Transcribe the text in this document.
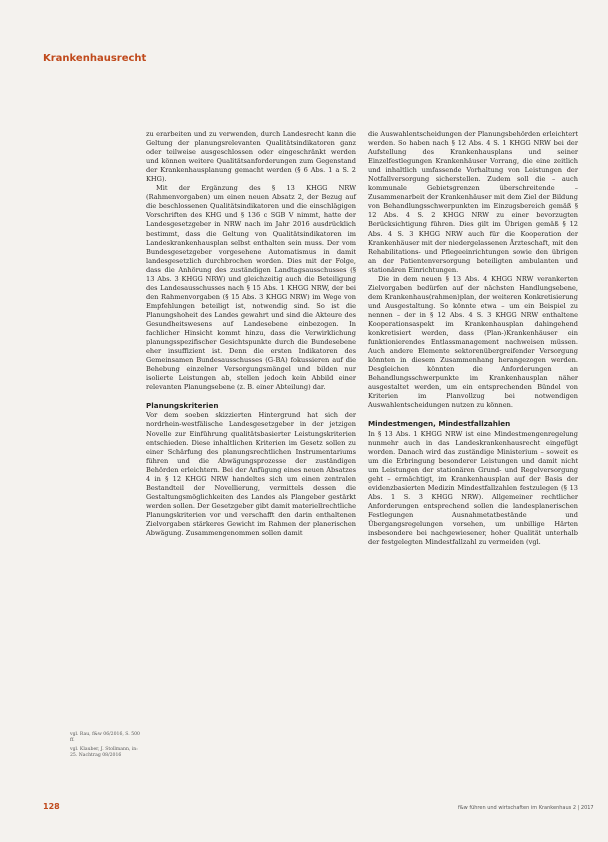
Krankenhausrecht

zu erarbeiten und zu verwenden, durch Landesrecht kann die Geltung der planungsrelevanten Qualitätsindikatoren ganz oder teilweise ausgeschlossen oder eingeschränkt werden und können weitere Qualitätsanforderungen zum Gegenstand der Krankenhausplanung gemacht werden (§ 6 Abs. 1 a S. 2 KHG).

Mit der Ergänzung des § 13 KHGG NRW (Rahmenvorgaben) um einen neuen Absatz 2, der Bezug auf die beschlossenen Qualitätsindikatoren und die einschlägigen Vorschriften des KHG und § 136 c SGB V nimmt, hatte der Landesgesetzgeber in NRW nach im Jahr 2016 ausdrücklich bestimmt, dass die Geltung von Qualitätsindikatoren im Landeskrankenhausplan selbst enthalten sein muss. Der vom Bundesgesetzgeber vorgesehene Automatismus in damit landesgesetzlich durchbrochen worden. Dies mit der Folge, dass die Anhörung des zuständigen Landtagsausschusses (§ 13 Abs. 3 KHGG NRW) und gleichzeitig auch die Beteiligung des Landesausschusses nach § 15 Abs. 1 KHGG NRW, der bei den Rahmenvorgaben (§ 15 Abs. 3 KHGG NRW) im Wege von Empfehlungen beteiligt ist, notwendig sind. So ist die Planungshoheit des Landes gewahrt und sind die Akteure des Gesundheitswesens auf Landesebene einbezogen. In fachlicher Hinsicht kommt hinzu, dass die Verwirklichung planungsspezifischer Gesichtspunkte durch die Bundesebene eher insuffizient ist. Denn die ersten Indikatoren des Gemeinsamen Bundesausschusses (G-BA) fokussieren auf die Behebung einzelner Versorgungsmängel und bilden nur isolierte Leistungen ab, stellen jedoch kein Abbild einer relevanten Planungsebene (z. B. einer Abteilung) dar.

Planungskriterien

Vor dem soeben skizzierten Hintergrund hat sich der nordrhein-westfälische Landesgesetzgeber in der jetzigen Novelle zur Einführung qualitätsbasierter Leistungskriterien entschieden. Diese inhaltlichen Kriterien im Gesetz sollen zu einer Schärfung des planungsrechtlichen Instrumentariums führen und die Abwägungsprozesse der zuständigen Behörden erleichtern. Bei der Anfügung eines neuen Absatzes 4 in § 12 KHGG NRW handeltes sich um einen zentralen Bestandteil der Novellierung, vermittels dessen die Gestaltungsmöglichkeiten des Landes als Plangeber gestärkt werden sollen. Der Gesetzgeber gibt damit materiellrechtliche Planungskriterien vor und verschafft den darin enthaltenen Zielvorgaben stärkeres Gewicht im Rahmen der planerischen Abwägung. Zusammengenommen sollen damit

die Auswahlentscheidungen der Planungsbehörden erleichtert werden. So haben nach § 12 Abs. 4 S. 1 KHGG NRW bei der Aufstellung des Krankenhausplans und seiner Einzelfestlegungen Krankenhäuser Vorrang, die eine zeitlich und inhaltlich umfassende Vorhaltung von Leistungen der Notfallversorgung sicherstellen. Zudem soll die – auch kommunale Gebietsgrenzen überschreitende – Zusammenarbeit der Krankenhäuser mit dem Ziel der Bildung von Behandlungsschwerpunkten im Einzugsbereich gemäß § 12 Abs. 4 S. 2 KHGG NRW zu einer bevorzugten Berücksichtigung führen. Dies gilt im Übrigen gemäß § 12 Abs. 4 S. 3 KHGG NRW auch für die Kooperation der Krankenhäuser mit der niedergelassenen Ärzteschaft, mit den Rehabilitations- und Pflegeeinrichtungen sowie den übrigen an der Patientenversorgung beteiligten ambulanten und stationären Einrichtungen.

Die in dem neuen § 13 Abs. 4 KHGG NRW verankerten Zielvorgaben bedürfen auf der nächsten Handlungsebene, dem Krankenhaus(rahmen)plan, der weiteren Konkretisierung und Ausgestaltung. So könnte etwa – um ein Beispiel zu nennen – der in § 12 Abs. 4 S. 3 KHGG NRW enthaltene Kooperationsaspekt im Krankenhausplan dahingehend konkretisiert werden, dass (Plan-)Krankenhäuser ein funktionierendes Entlassmanagement nachweisen müssen. Auch andere Elemente sektorenübergreifender Versorgung könnten in diesem Zusammenhang herangezogen werden. Desgleichen könnten die Anforderungen an Behandlungsschwerpunkte im Krankenhausplan näher ausgestaltet werden, um ein entsprechenden Bündel von Kriterien im Planvollzug bei notwendigen Auswahlentscheidungen nutzen zu können.

Mindestmengen, Mindestfallzahlen

In § 13 Abs. 1 KHGG NRW ist eine Mindestmengenregelung nunmehr auch in das Landeskrankenhausrecht eingefügt worden. Danach wird das zuständige Ministerium – soweit es um die Erbringung besonderer Leistungen und damit nicht um Leistungen der stationären Grund- und Regelversorgung geht – ermächtigt, im Krankenhausplan auf der Basis der evidenzbasierten Medizin Mindestfallzahlen festzulegen (§ 13 Abs. 1 S. 3 KHGG NRW). Allgemeiner rechtlicher Anforderungen entsprechend sollen die landesplanerischen Festlegungen Ausnahmetatbestände und Übergangsregelungen vorsehen, um unbillige Härten insbesondere bei nachgewiesener, hoher Qualität unterhalb der festgelegten Mindestfallzahl zu vermeiden (vgl.

vgl. Rau, f&w 06/2016, S. 500 ff.

vgl. Klauber, J. Stollmann, in: 25. Nachtrag 08/2016

128	f&w führen und wirtschaften im Krankenhaus 2 | 2017
